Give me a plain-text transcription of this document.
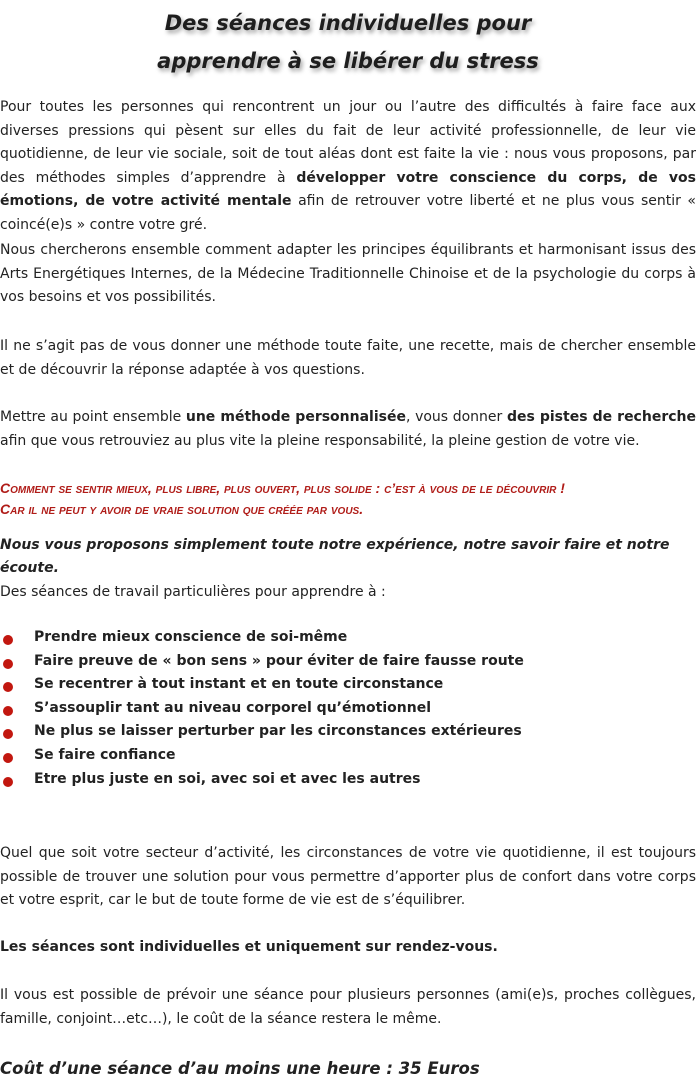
Des séances individuelles pour
apprendre à se libérer du stress

Pour toutes les personnes qui rencontrent un jour ou l’autre des difficultés à faire face aux diverses pressions qui pèsent sur elles du fait de leur activité professionnelle, de leur vie quotidienne, de leur vie sociale, soit de tout aléas dont est faite la vie : nous vous proposons, par des méthodes simples d’apprendre à développer votre conscience du corps, de vos émotions, de votre activité mentale afin de retrouver votre liberté et ne plus vous sentir « coincé(e)s » contre votre gré.

Nous chercherons ensemble comment adapter les principes équilibrants et harmonisant issus des Arts Energétiques Internes, de la Médecine Traditionnelle Chinoise et de la psychologie du corps à vos besoins et vos possibilités.

Il ne s’agit pas de vous donner une méthode toute faite, une recette, mais de chercher ensemble et de découvrir la réponse adaptée à vos questions.

Mettre au point ensemble une méthode personnalisée, vous donner des pistes de recherche afin que vous retrouviez au plus vite la pleine responsabilité, la pleine gestion de votre vie.

Comment se sentir mieux, plus libre, plus ouvert, plus solide : c’est à vous de le découvrir !
Car il ne peut y avoir de vraie solution que créée par vous.

Nous vous proposons simplement toute notre expérience, notre savoir faire et notre écoute.

Des séances de travail particulières pour apprendre à :

Prendre mieux conscience de soi-même
Faire preuve de « bon sens » pour éviter de faire fausse route
Se recentrer à tout instant et en toute circonstance
S’assouplir tant au niveau corporel qu’émotionnel
Ne plus se laisser perturber par les circonstances extérieures
Se faire confiance
Etre plus juste en soi, avec soi et avec les autres

Quel que soit votre secteur d’activité, les circonstances de votre vie quotidienne, il est toujours possible de trouver une solution pour vous permettre d’apporter plus de confort dans votre corps et votre esprit, car le but de toute forme de vie est de s’équilibrer.

Les séances sont individuelles et uniquement sur rendez-vous.

Il vous est possible de prévoir une séance pour plusieurs personnes (ami(e)s, proches collègues, famille, conjoint…etc…), le coût de la séance restera le même.

Coût d’une séance d’au moins une heure : 35 Euros
